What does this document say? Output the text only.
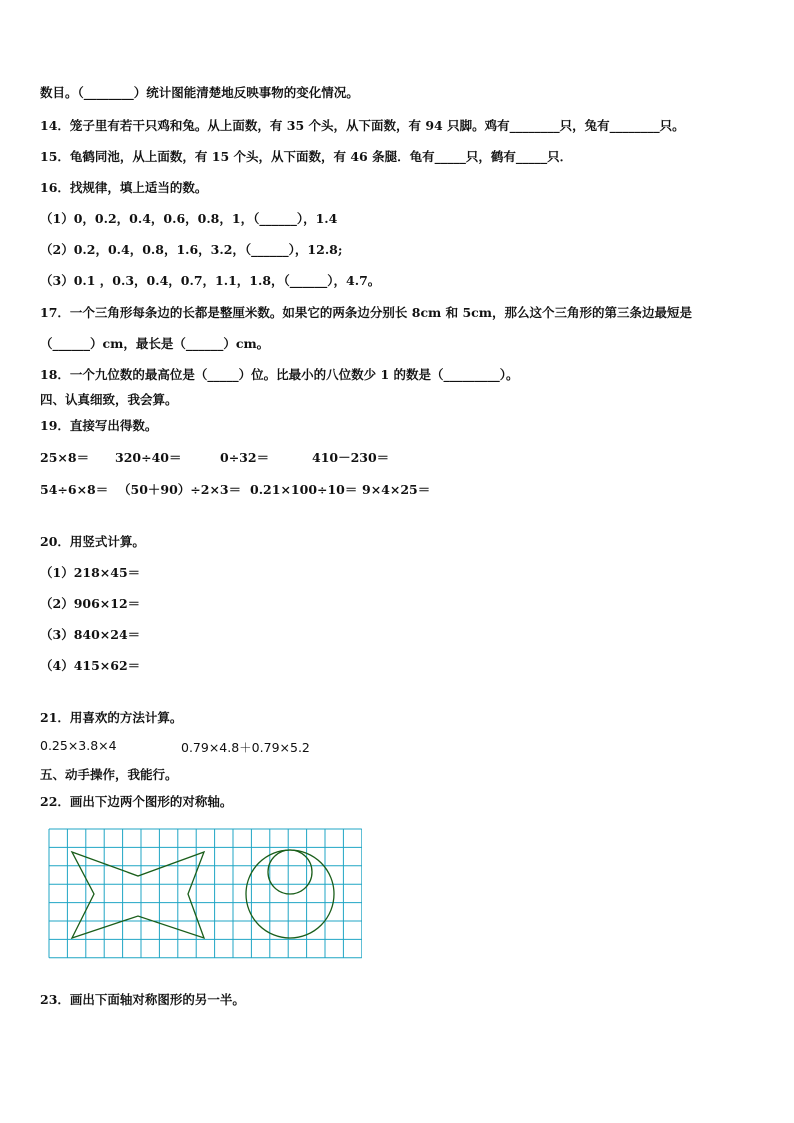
数目。（________）统计图能清楚地反映事物的变化情况。
14．笼子里有若干只鸡和兔。从上面数，有 35 个头，从下面数，有 94 只脚。鸡有________只，兔有________只。
15．龟鹤同池，从上面数，有 15 个头，从下面数，有 46 条腿．龟有_____只，鹤有_____只．
16．找规律，填上适当的数。
（1）0，0.2，0.4，0.6，0.8，1，（______），1.4
（2）0.2，0.4，0.8，1.6，3.2，（______），12.8;
（3）0.1 ，0.3，0.4，0.7，1.1，1.8，（______），4.7。
17．一个三角形每条边的长都是整厘米数。如果它的两条边分别长 8cm 和 5cm，那么这个三角形的第三条边最短是
（______）cm，最长是（______）cm。
18．一个九位数的最高位是（_____）位。比最小的八位数少 1 的数是（_________）。
四、认真细致，我会算。
19．直接写出得数。
25×8＝ 320÷40＝	0÷32＝	410－230＝
54÷6×8＝ （50＋90）÷2×3＝ 0.21×100÷10＝ 9×4×25＝
20．用竖式计算。
（1）218×45＝
（2）906×12＝
（3）840×24＝
（4）415×62＝
21．用喜欢的方法计算。
0.25×3.8×4	0.79×4.8＋0.79×5.2
五、动手操作，我能行。
22．画出下边两个图形的对称轴。
23．画出下面轴对称图形的另一半。
